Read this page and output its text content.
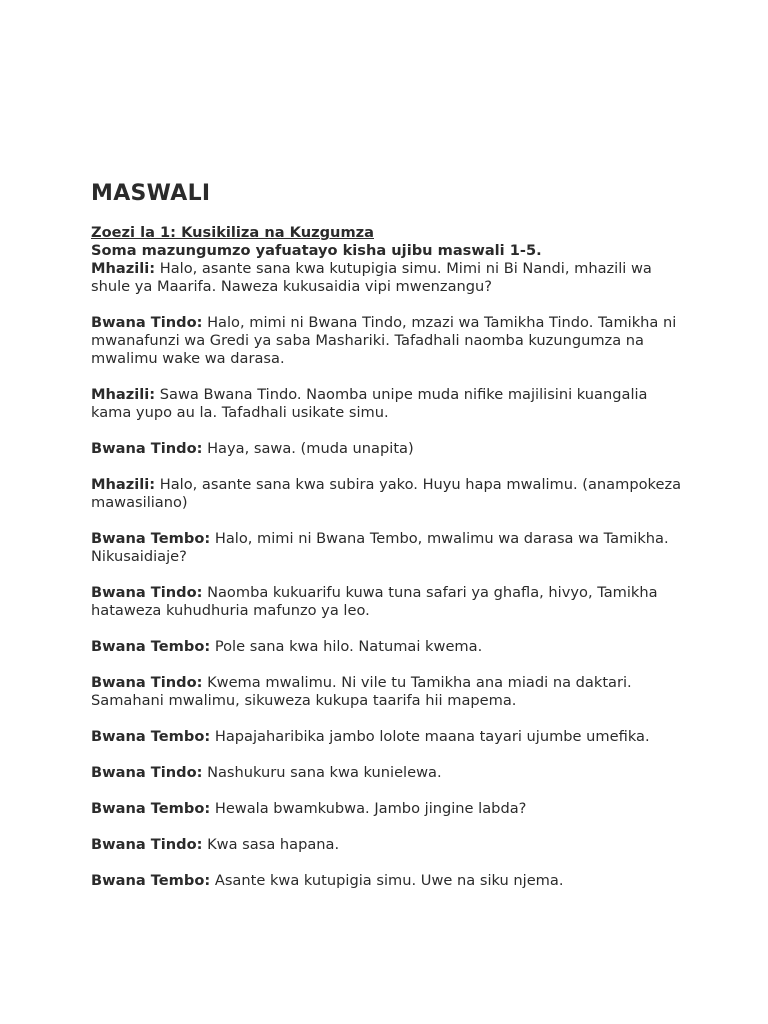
MASWALI

Zoezi la 1: Kusikiliza na Kuzgumza

Soma mazungumzo yafuatayo kisha ujibu maswali 1-5.

Mhazili: Halo, asante sana kwa kutupigia simu. Mimi ni Bi Nandi, mhazili wa shule ya Maarifa. Naweza kukusaidia vipi mwenzangu?

Bwana Tindo: Halo, mimi ni Bwana Tindo, mzazi wa Tamikha Tindo. Tamikha ni mwanafunzi wa Gredi ya saba Mashariki. Tafadhali naomba kuzungumza na mwalimu wake wa darasa.

Mhazili: Sawa Bwana Tindo. Naomba unipe muda nifike majilisini kuangalia kama yupo au la. Tafadhali usikate simu.

Bwana Tindo: Haya, sawa. (muda unapita)

Mhazili: Halo, asante sana kwa subira yako. Huyu hapa mwalimu. (anampokeza mawasiliano)

Bwana Tembo: Halo, mimi ni Bwana Tembo, mwalimu wa darasa wa Tamikha. Nikusaidiaje?

Bwana Tindo: Naomba kukuarifu kuwa tuna safari ya ghafla, hivyo, Tamikha hataweza kuhudhuria mafunzo ya leo.

Bwana Tembo: Pole sana kwa hilo. Natumai kwema.

Bwana Tindo: Kwema mwalimu. Ni vile tu Tamikha ana miadi na daktari. Samahani mwalimu, sikuweza kukupa taarifa hii mapema.

Bwana Tembo: Hapajaharibika jambo lolote maana tayari ujumbe umefika.

Bwana Tindo: Nashukuru sana kwa kunielewa.

Bwana Tembo: Hewala bwamkubwa. Jambo jingine labda?

Bwana Tindo: Kwa sasa hapana.

Bwana Tembo: Asante kwa kutupigia simu. Uwe na siku njema.
